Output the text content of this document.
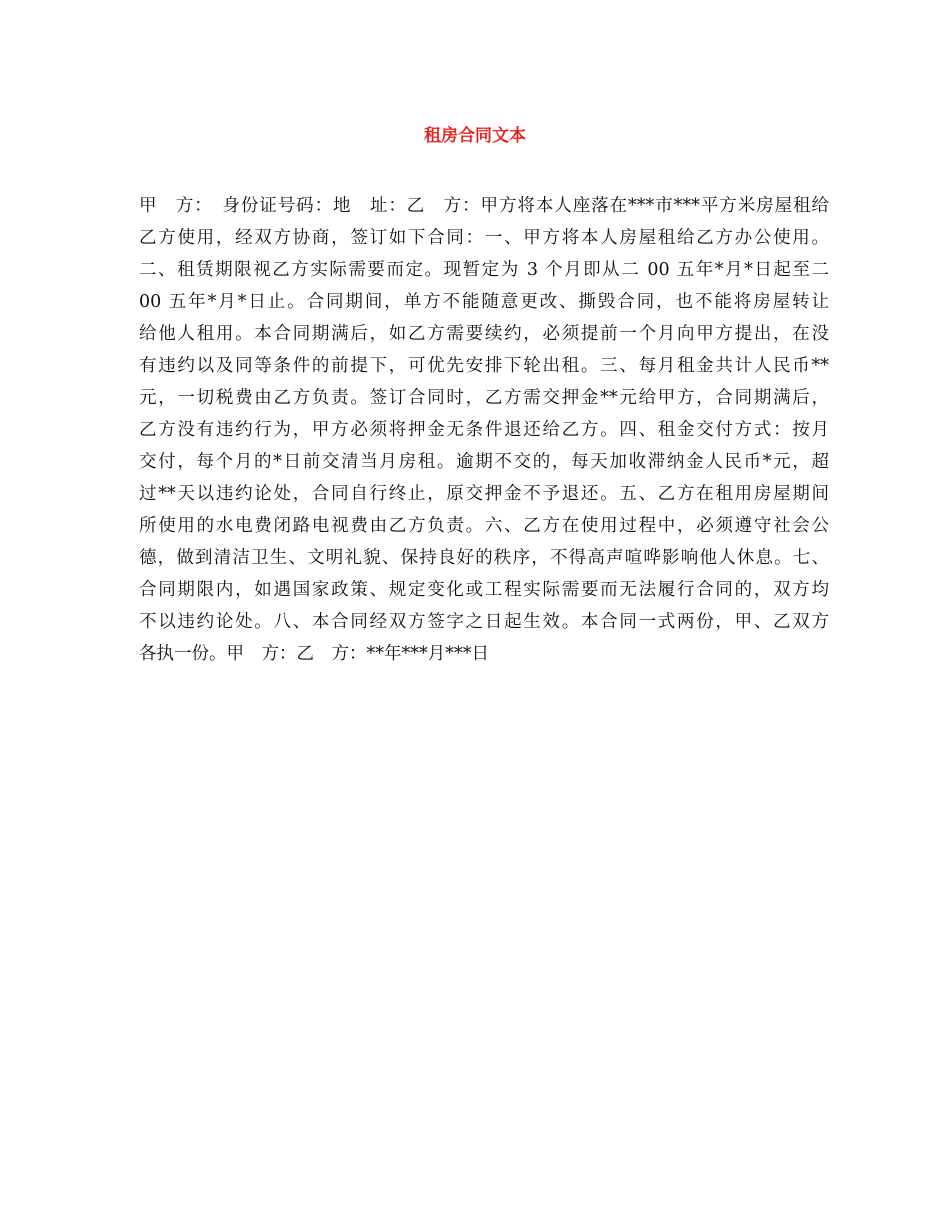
租房合同文本
甲　方：　身份证号码：地　址：乙　方：甲方将本人座落在***市***平方米房屋租给
乙方使用，经双方协商，签订如下合同：一、甲方将本人房屋租给乙方办公使用。
二、租赁期限视乙方实际需要而定。现暂定为 3 个月即从二 00 五年*月*日起至二
00 五年*月*日止。合同期间，单方不能随意更改、撕毁合同，也不能将房屋转让
给他人租用。本合同期满后，如乙方需要续约，必须提前一个月向甲方提出，在没
有违约以及同等条件的前提下，可优先安排下轮出租。三、每月租金共计人民币**
元，一切税费由乙方负责。签订合同时，乙方需交押金**元给甲方，合同期满后，
乙方没有违约行为，甲方必须将押金无条件退还给乙方。四、租金交付方式：按月
交付，每个月的*日前交清当月房租。逾期不交的，每天加收滞纳金人民币*元，超
过**天以违约论处，合同自行终止，原交押金不予退还。五、乙方在租用房屋期间
所使用的水电费闭路电视费由乙方负责。六、乙方在使用过程中，必须遵守社会公
德，做到清洁卫生、文明礼貌、保持良好的秩序，不得高声喧哗影响他人休息。七、
合同期限内，如遇国家政策、规定变化或工程实际需要而无法履行合同的，双方均
不以违约论处。八、本合同经双方签字之日起生效。本合同一式两份，甲、乙双方
各执一份。甲　方：乙　方：**年***月***日
